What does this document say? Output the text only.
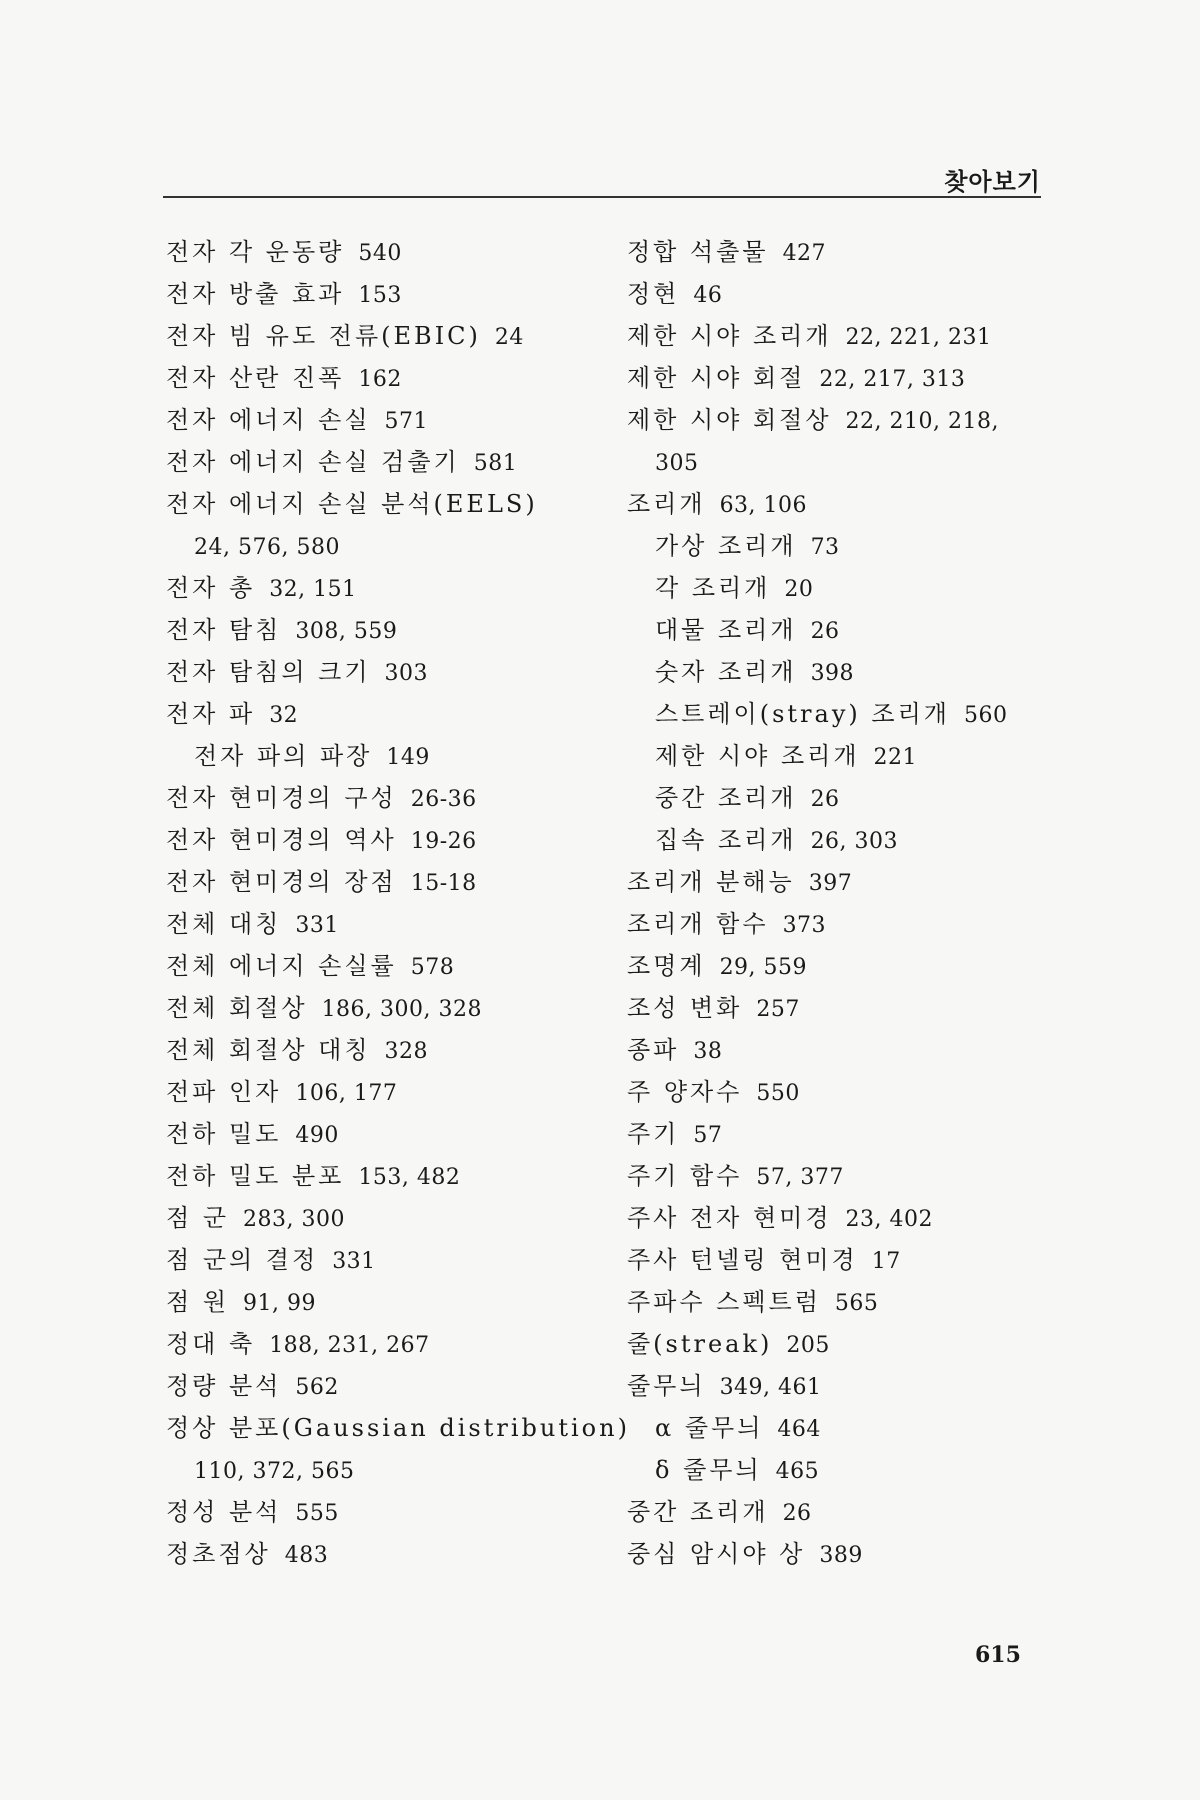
찾아보기
전자 각 운동량 540
전자 방출 효과 153
전자 빔 유도 전류(EBIC) 24
전자 산란 진폭 162
전자 에너지 손실 571
전자 에너지 손실 검출기 581
전자 에너지 손실 분석(EELS)
24, 576, 580
전자 총 32, 151
전자 탐침 308, 559
전자 탐침의 크기 303
전자 파 32
전자 파의 파장 149
전자 현미경의 구성 26-36
전자 현미경의 역사 19-26
전자 현미경의 장점 15-18
전체 대칭 331
전체 에너지 손실률 578
전체 회절상 186, 300, 328
전체 회절상 대칭 328
전파 인자 106, 177
전하 밀도 490
전하 밀도 분포 153, 482
점 군 283, 300
점 군의 결정 331
점 원 91, 99
정대 축 188, 231, 267
정량 분석 562
정상 분포(Gaussian distribution)
110, 372, 565
정성 분석 555
정초점상 483
정합 석출물 427
정현 46
제한 시야 조리개 22, 221, 231
제한 시야 회절 22, 217, 313
제한 시야 회절상 22, 210, 218,
305
조리개 63, 106
가상 조리개 73
각 조리개 20
대물 조리개 26
숫자 조리개 398
스트레이(stray) 조리개 560
제한 시야 조리개 221
중간 조리개 26
집속 조리개 26, 303
조리개 분해능 397
조리개 함수 373
조명계 29, 559
조성 변화 257
종파 38
주 양자수 550
주기 57
주기 함수 57, 377
주사 전자 현미경 23, 402
주사 턴넬링 현미경 17
주파수 스펙트럼 565
줄(streak) 205
줄무늬 349, 461
α 줄무늬 464
δ 줄무늬 465
중간 조리개 26
중심 암시야 상 389
615
